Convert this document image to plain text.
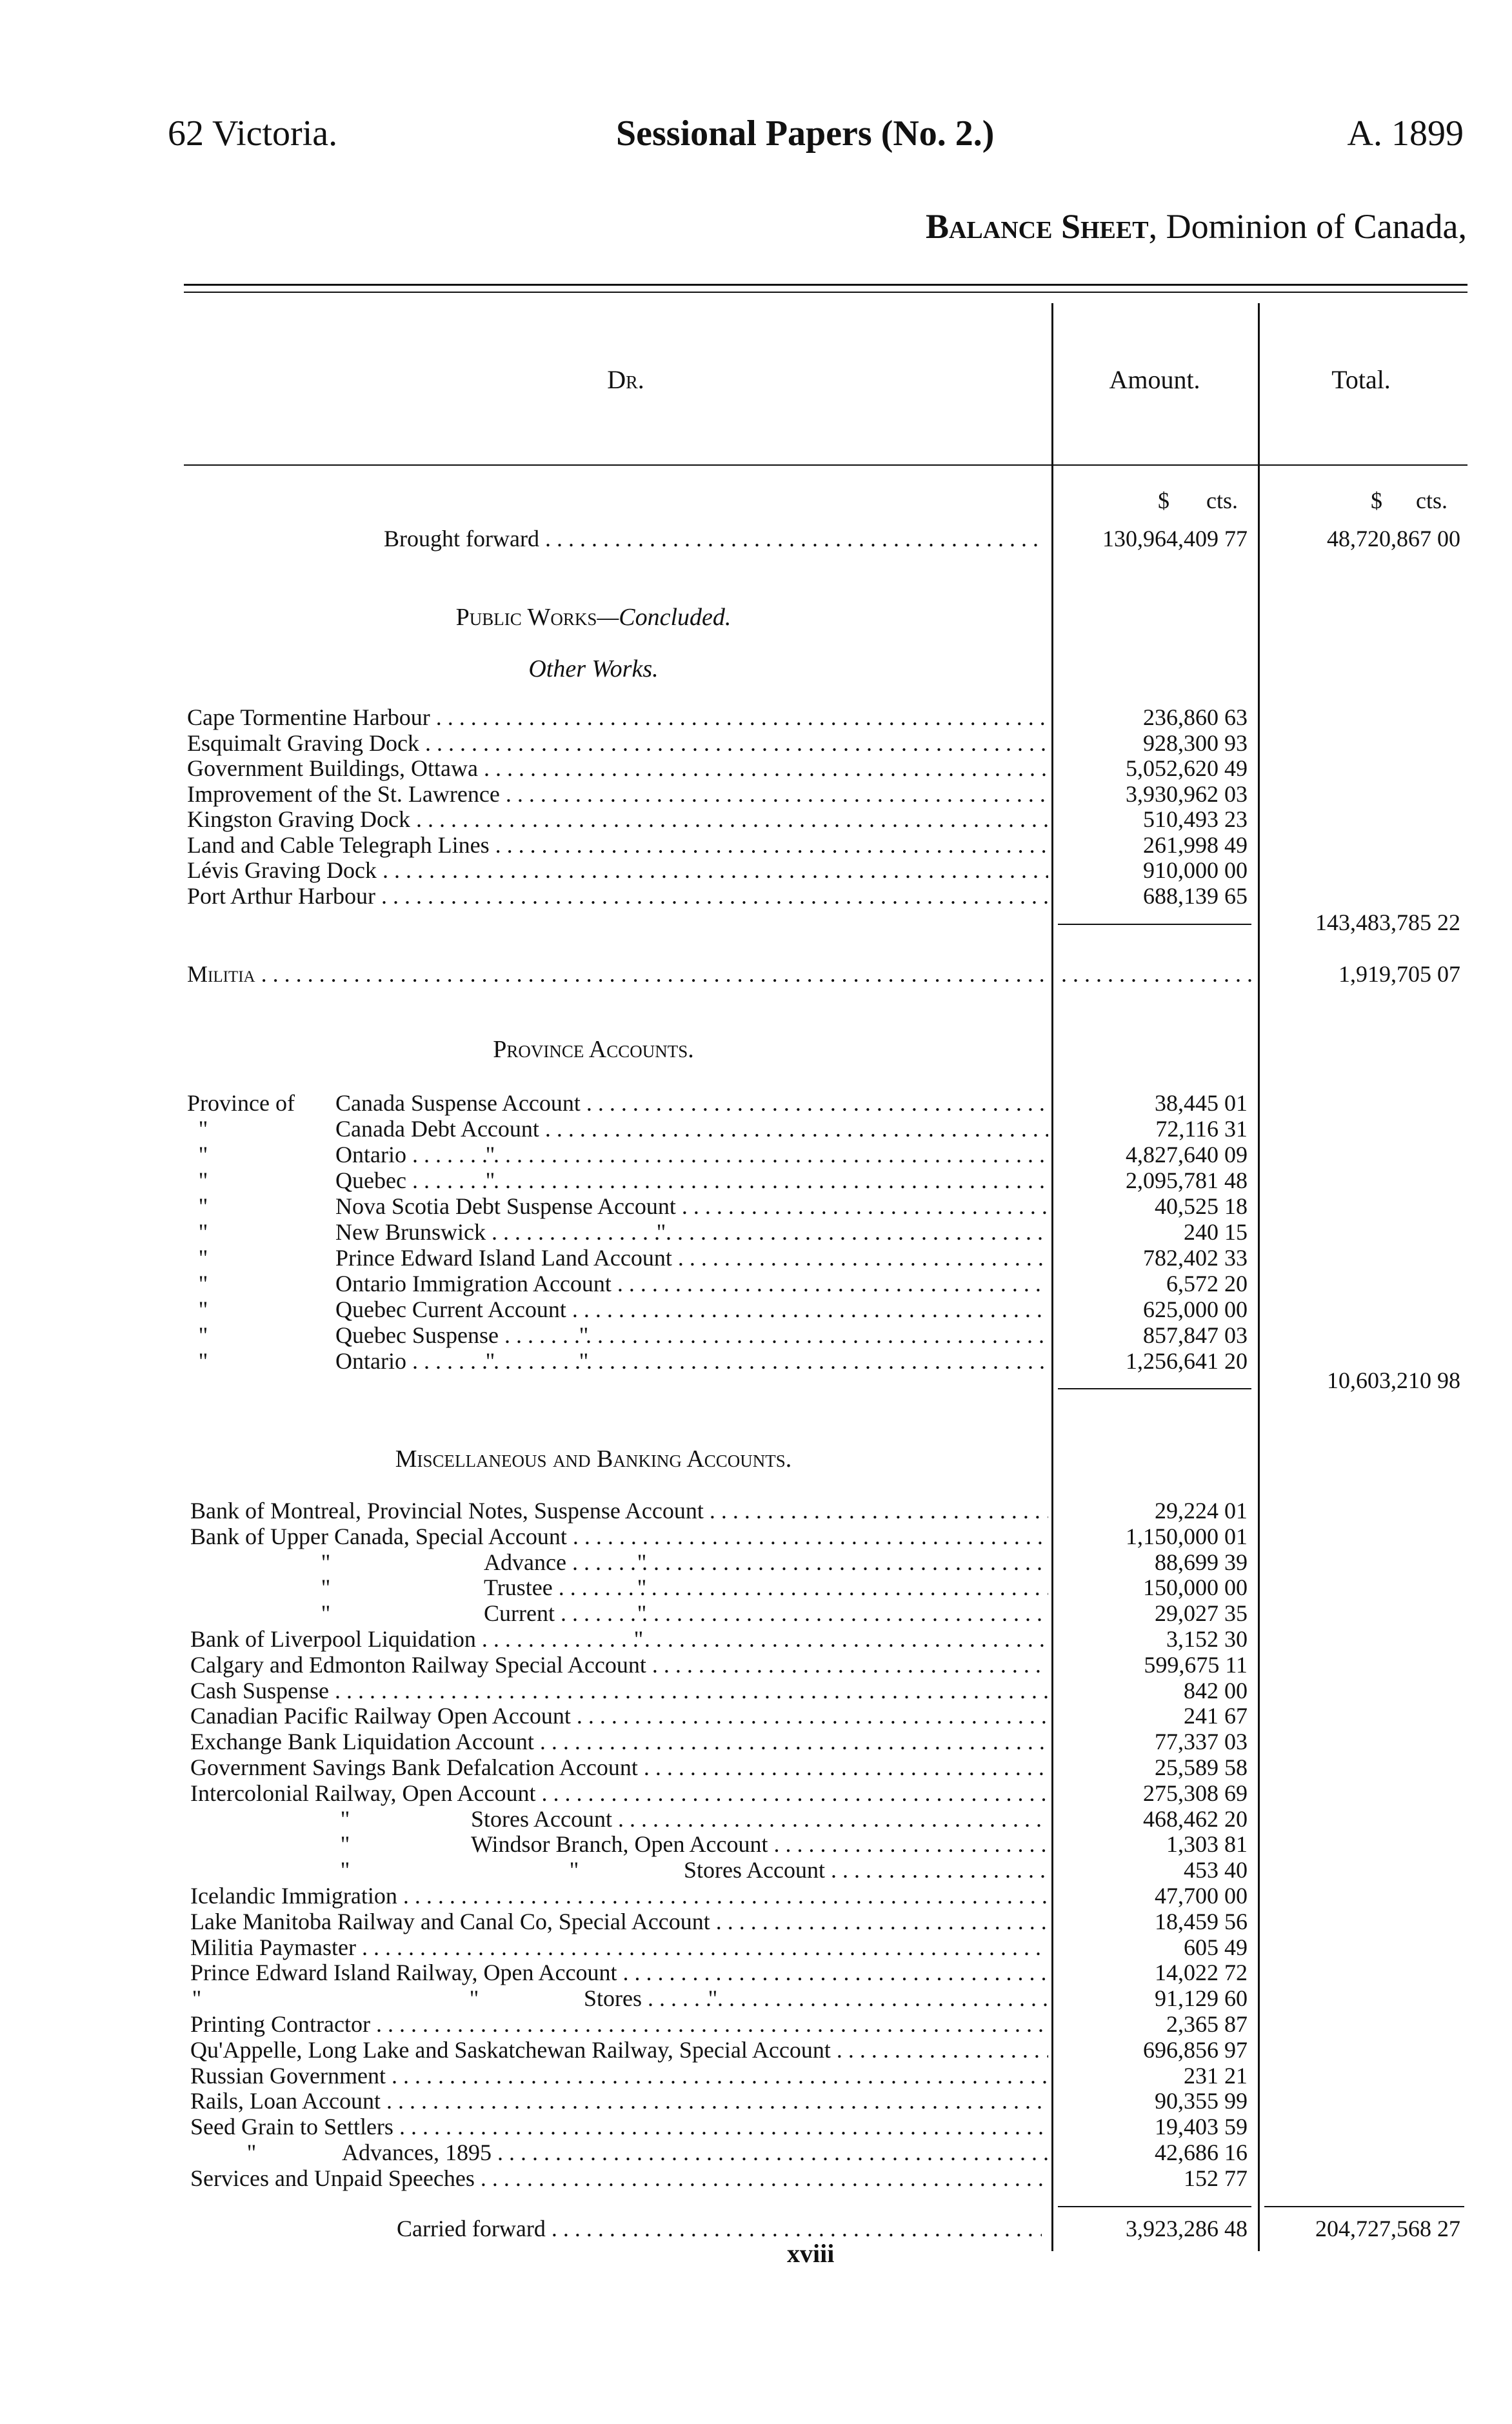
62 Victoria.	Sessional Papers (No. 2.)	A. 1899
Balance Sheet, Dominion of Canada,
Dr.	Amount.	Total.
$ cts.	$ cts.
Brought forward . . .	130,964,409 77	48,720,867 00
Public Works—Concluded.
Other Works.
Cape Tormentine Harbour . . .	236,860 63
Esquimalt Graving Dock . . .	928,300 93
Government Buildings, Ottawa . . .	5,052,620 49
Improvement of the St. Lawrence . . .	3,930,962 03
Kingston Graving Dock . . .	510,493 23
Land and Cable Telegraph Lines . . .	261,998 49
Lévis Graving Dock . . .	910,000 00
Port Arthur Harbour . . .	688,139 65
143,483,785 22
Militia . . .
. . .	1,919,705 07
Province Accounts.
Province of Canada Suspense Account . . .	38,445 01
"	Canada Debt Account . . .	72,116 31
"	"
Ontario . . .	4,827,640 09
"	"
Quebec . . .	2,095,781 48
"	Nova Scotia Debt Suspense Account . . .	40,525 18
"	"
New Brunswick . . .	240 15
"	Prince Edward Island Land Account . . .	782,402 33
"	Ontario Immigration Account . . .	6,572 20
"	Quebec Current Account . . .	625,000 00
"	"
Quebec Suspense . . .	857,847 03
"	"	"
Ontario . . .	1,256,641 20
10,603,210 98
Miscellaneous and Banking Accounts.
Bank of Montreal, Provincial Notes, Suspense Account . . .	29,224 01
Bank of Upper Canada, Special Account . . .	1,150,000 01
"	"
Advance . . .	88,699 39
"	"
Trustee . . .	150,000 00
"	"
Current . . .	29,027 35
"
Bank of Liverpool Liquidation . . .	3,152 30
Calgary and Edmonton Railway Special Account . . .	599,675 11
Cash Suspense . . .	842 00
Canadian Pacific Railway Open Account . . .	241 67
Exchange Bank Liquidation Account . . .	77,337 03
Government Savings Bank Defalcation Account . . .	25,589 58
Intercolonial Railway, Open Account . . .	275,308 69
"	Stores Account . . .	468,462 20
"	Windsor Branch, Open Account . . .	1,303 81
"	"	Stores Account . . .	453 40
Icelandic Immigration . . .	47,700 00
Lake Manitoba Railway and Canal Co, Special Account . . .	18,459 56
Militia Paymaster . . .	605 49
Prince Edward Island Railway, Open Account . . .	14,022 72
"	"	"
Stores . . .	91,129 60
Printing Contractor . . .	2,365 87
Qu'Appelle, Long Lake and Saskatchewan Railway, Special Account . . .	696,856 97
Russian Government . . .	231 21
Rails, Loan Account . . .	90,355 99
Seed Grain to Settlers . . .	19,403 59
"	Advances, 1895 . . .	42,686 16
Services and Unpaid Speeches . . .	152 77
Carried forward . . .	3,923,286 48	204,727,568 27
xviii
